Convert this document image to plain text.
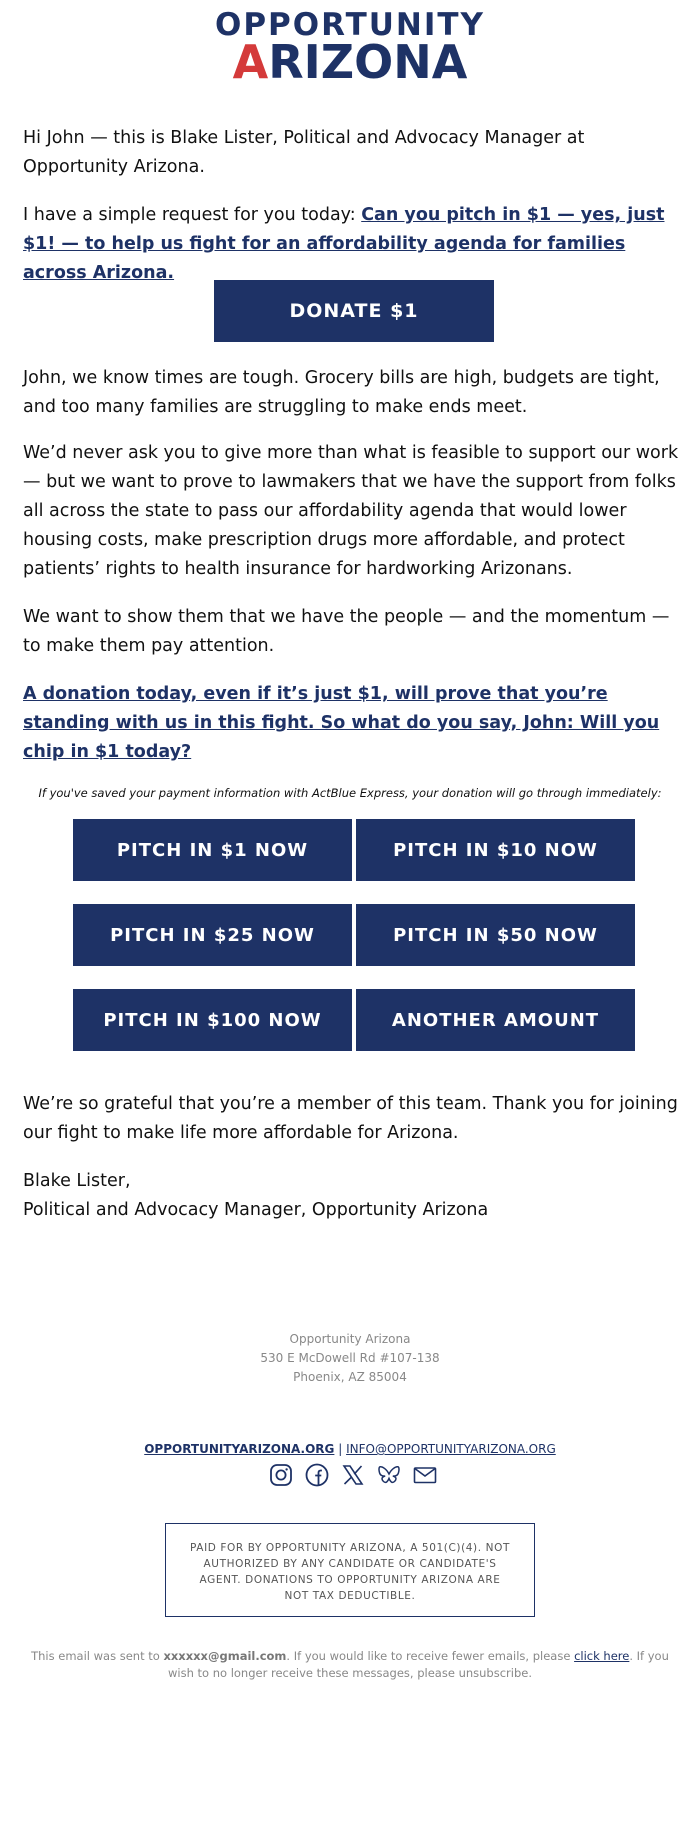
OPPORTUNITY
ARIZONA

Hi John — this is Blake Lister, Political and Advocacy Manager at Opportunity Arizona.

I have a simple request for you today: Can you pitch in $1 — yes, just $1! — to help us fight for an affordability agenda for families across Arizona.

DONATE $1

John, we know times are tough. Grocery bills are high, budgets are tight, and too many families are struggling to make ends meet.

We’d never ask you to give more than what is feasible to support our work— but we want to prove to lawmakers that we have the support from folks all across the state to pass our affordability agenda that would lower housing costs, make prescription drugs more affordable, and protect patients’ rights to health insurance for hardworking Arizonans.

We want to show them that we have the people — and the momentum — to make them pay attention.

A donation today, even if it’s just $1, will prove that you’re standing with us in this fight. So what do you say, John: Will you chip in $1 today?

If you've saved your payment information with ActBlue Express, your donation will go through immediately:
PITCH IN $1 NOW	PITCH IN $10 NOW
PITCH IN $25 NOW	PITCH IN $50 NOW
PITCH IN $100 NOW	ANOTHER AMOUNT

We’re so grateful that you’re a member of this team. Thank you for joining our fight to make life more affordable for Arizona.

Blake Lister,

Political and Advocacy Manager, Opportunity Arizona

Opportunity Arizona
530 E McDowell Rd #107-138
Phoenix, AZ 85004
OPPORTUNITYARIZONA.ORG | INFO@OPPORTUNITYARIZONA.ORG
PAID FOR BY OPPORTUNITY ARIZONA, A 501(C)(4). NOT AUTHORIZED BY ANY CANDIDATE OR CANDIDATE'S AGENT. DONATIONS TO OPPORTUNITY ARIZONA ARE NOT TAX DEDUCTIBLE.
This email was sent to xxxxxx@gmail.com. If you would like to receive fewer emails, please click here. If you wish to no longer receive these messages, please unsubscribe.
